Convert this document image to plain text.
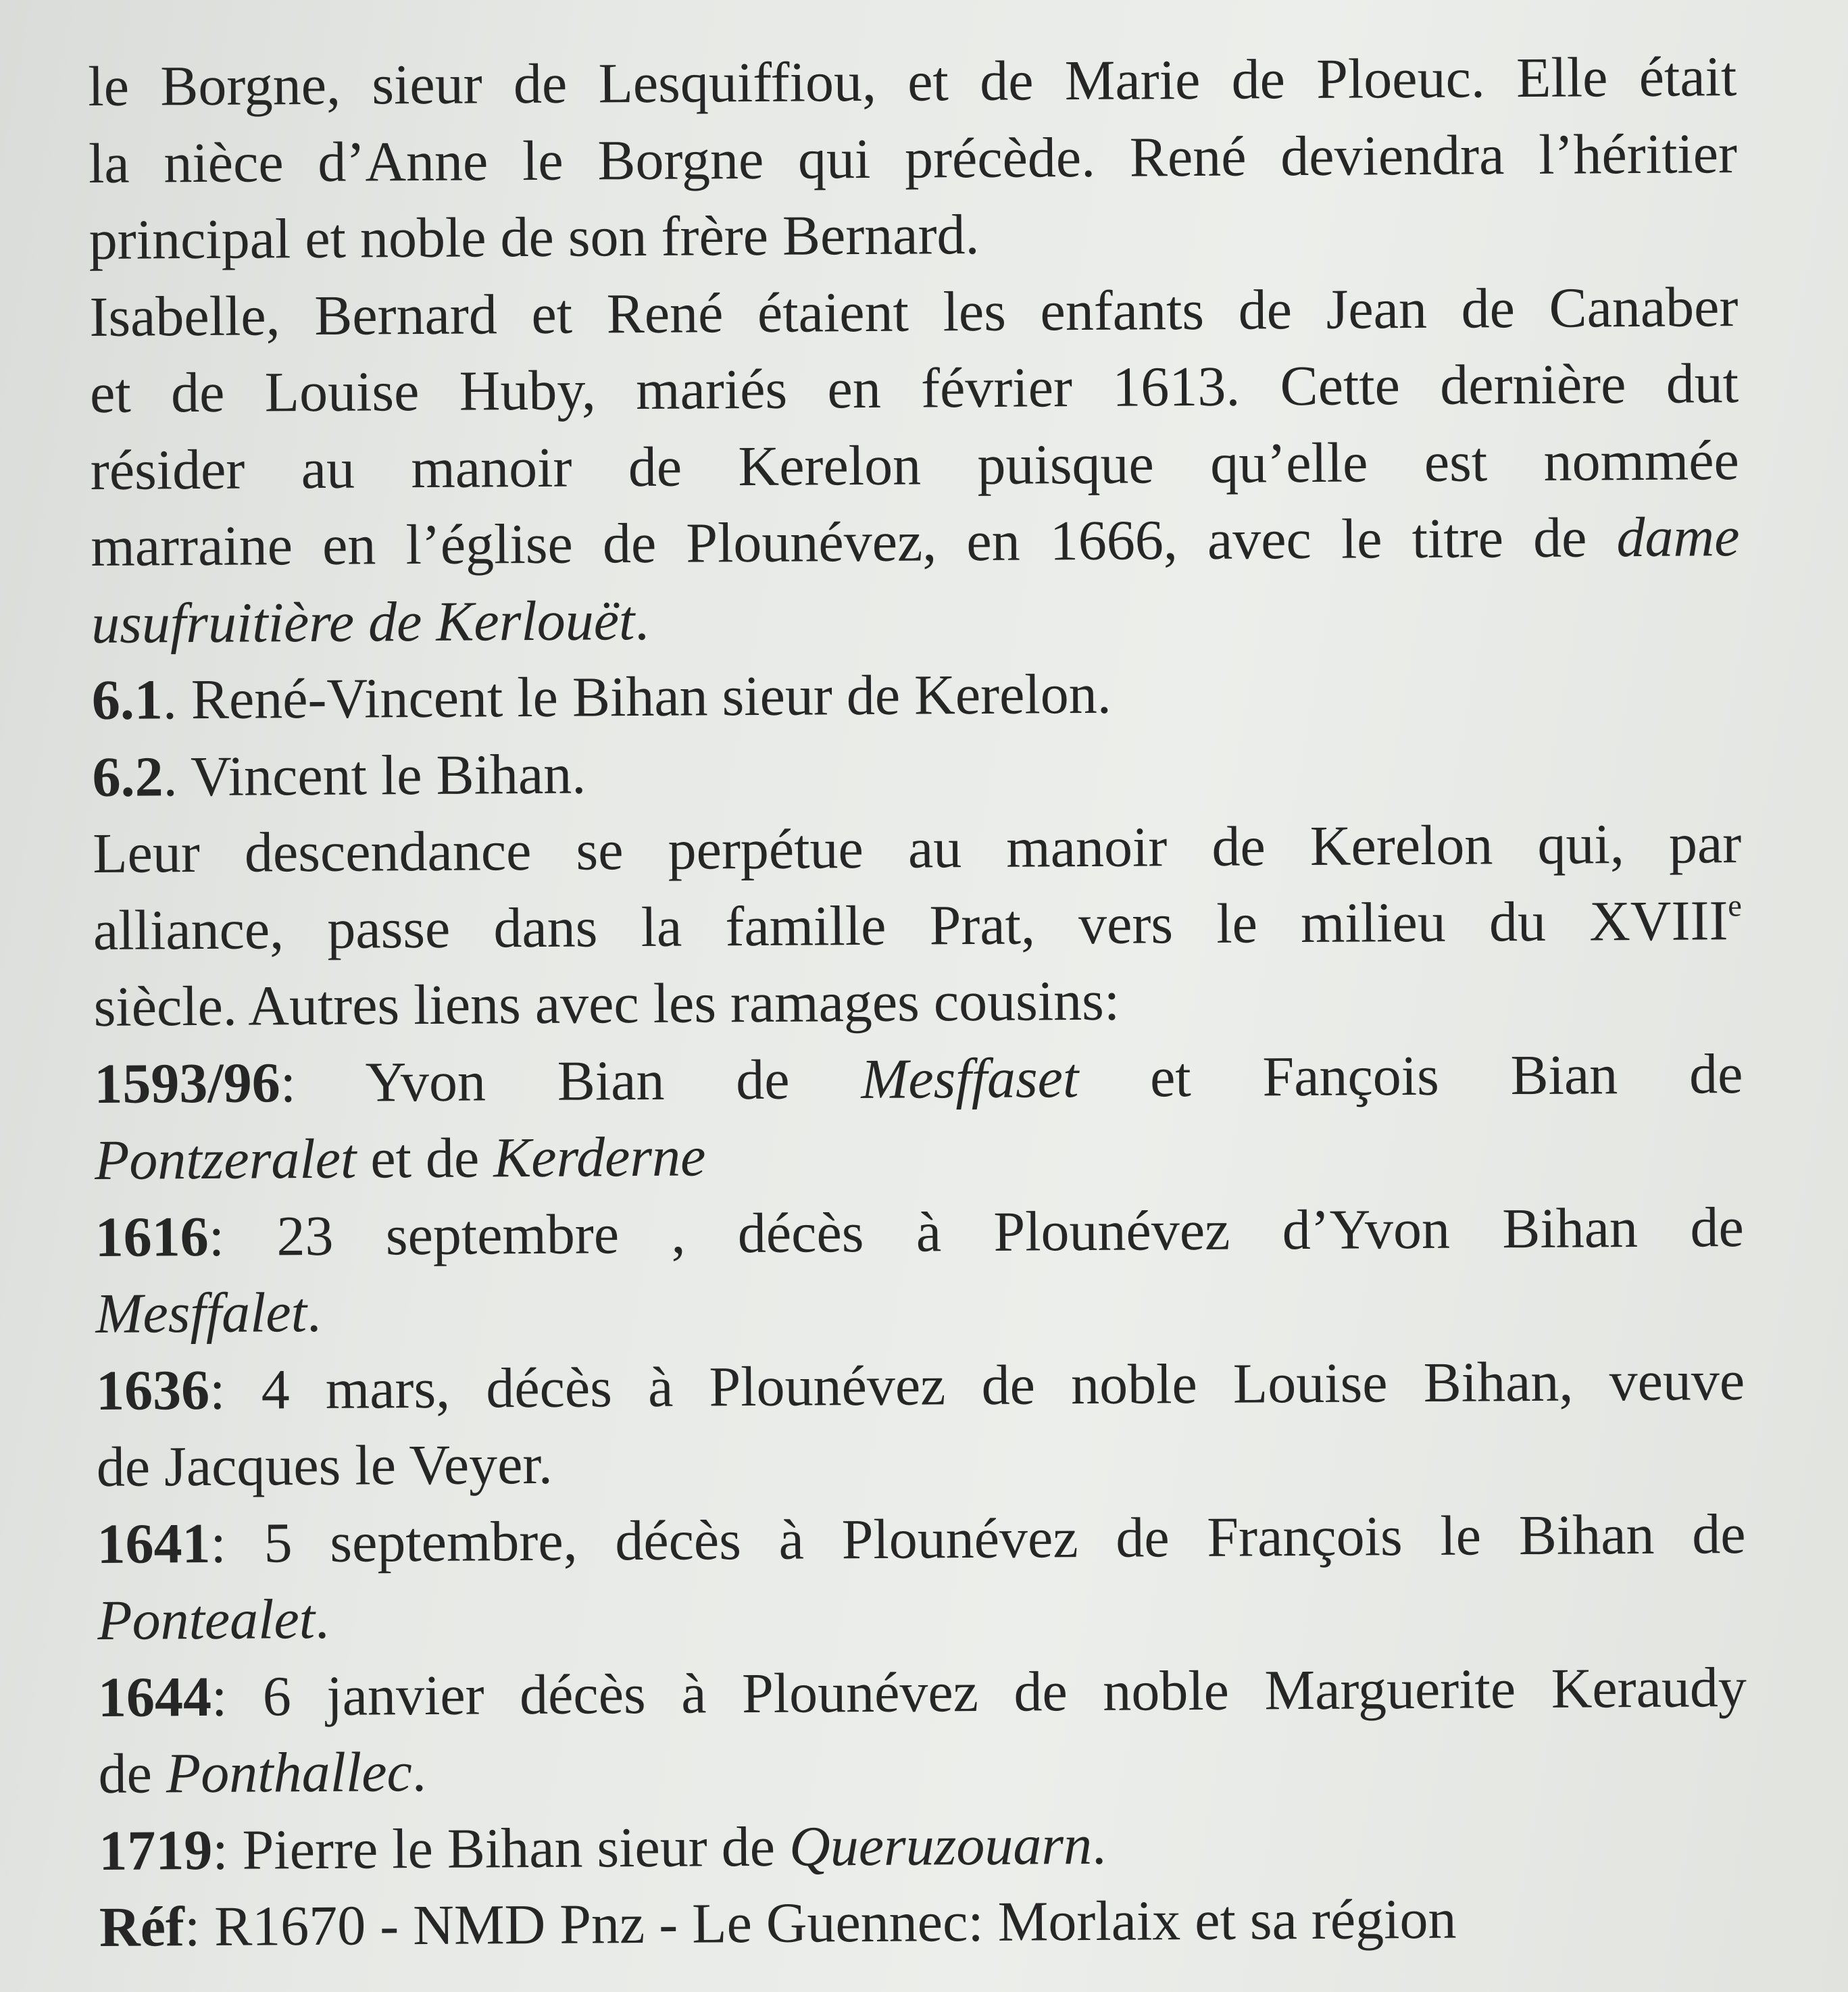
le Borgne, sieur de Lesquiffiou, et de Marie de Ploeuc. Elle était
la nièce d’Anne le Borgne qui précède. René deviendra l’héritier
principal et noble de son frère Bernard.
Isabelle, Bernard et René étaient les enfants de Jean de Canaber
et de Louise Huby, mariés en février 1613. Cette dernière dut
résider au manoir de Kerelon puisque qu’elle est nommée
marraine en l’église de Plounévez, en 1666, avec le titre de dame
usufruitière de Kerlouët.
6.1. René-Vincent le Bihan sieur de Kerelon.
6.2. Vincent le Bihan.
Leur descendance se perpétue au manoir de Kerelon qui, par
alliance, passe dans la famille Prat, vers le milieu du XVIIIe
siècle. Autres liens avec les ramages cousins:
1593/96: Yvon Bian de Mesffaset et Fançois Bian de
Pontzeralet et de Kerderne
1616: 23 septembre , décès à Plounévez d’Yvon Bihan de
Mesffalet.
1636: 4 mars, décès à Plounévez de noble Louise Bihan, veuve
de Jacques le Veyer.
1641: 5 septembre, décès à Plounévez de François le Bihan de
Pontealet.
1644: 6 janvier décès à Plounévez de noble Marguerite Keraudy
de Ponthallec.
1719: Pierre le Bihan sieur de Queruzouarn.
Réf: R1670 - NMD Pnz - Le Guennec: Morlaix et sa région
